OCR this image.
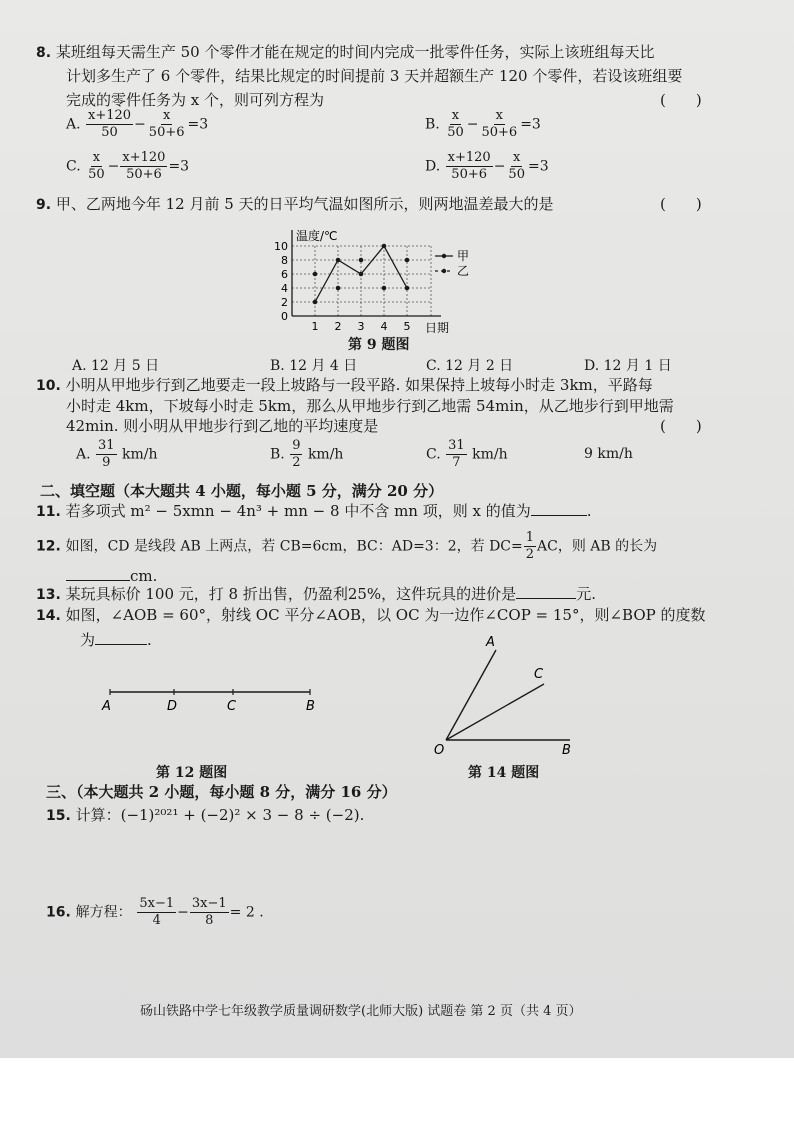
8. 某班组每天需生产 50 个零件才能在规定的时间内完成一批零件任务，实际上该班组每天比
计划多生产了 6 个零件，结果比规定的时间提前 3 天并超额生产 120 个零件，若设该班组要
完成的零件任务为 x 个，则可列方程为	(　　)
A. $\frac{x+120}{50} - \frac{x}{50+6} =3$	B. $\frac{x}{50} - \frac{x}{50+6} =3$
C. $\frac{x}{50} - \frac{x+120}{50+6} =3$	D. $\frac{x+120}{50+6} - \frac{x}{50} =3$
9. 甲、乙两地今年 12 月前 5 天的日平均气温如图所示，则两地温差最大的是	(　　)
0
2
4
6
8
10
1 2 3 4 5
温度/℃
日期
甲
乙
第 9 题图
A. 12 月 5 日	B. 12 月 4 日	C. 12 月 2 日	D. 12 月 1 日
10. 小明从甲地步行到乙地要走一段上坡路与一段平路. 如果保持上坡每小时走 3km，平路每
小时走 4km，下坡每小时走 5km，那么从甲地步行到乙地需 54min，从乙地步行到甲地需
42min. 则小明从甲地步行到乙地的平均速度是	(　　)
A. $\frac{31}{9} km/h$	B. $\frac{9}{2} km/h$	C. $\frac{31}{7} km/h$	9 km/h
二、填空题（本大题共 4 小题，每小题 5 分，满分 20 分）
11. 若多项式 m² − 5xmn − 4n³ + mn − 8 中不含 mn 项，则 x 的值为	.
12. 如图，CD 是线段 AB 上两点，若 CB=6cm，BC：AD=3：2，若 $DC= \frac{1}{2}$ AC，则 AB 的长为
cm.
13. 某玩具标价 100 元，打 8 折出售，仍盈利25%，这件玩具的进价是	元.
14. 如图，∠AOB = 60°，射线 OC 平分∠AOB，以 OC 为一边作∠COP = 15°，则∠BOP 的度数
为	.
A	D	C	B
第 12 题图
A
C
O	B
第 14 题图
三、（本大题共 2 小题，每小题 8 分，满分 16 分）
15. 计算：(−1)²⁰²¹ + (−2)² × 3 − 8 ÷ (−2).
16. 解方程： $\frac{5x-1}{4} - \frac{3x-1}{8} = 2$ .
砀山铁路中学七年级教学质量调研数学(北师大版) 试题卷 第 2 页（共 4 页）
